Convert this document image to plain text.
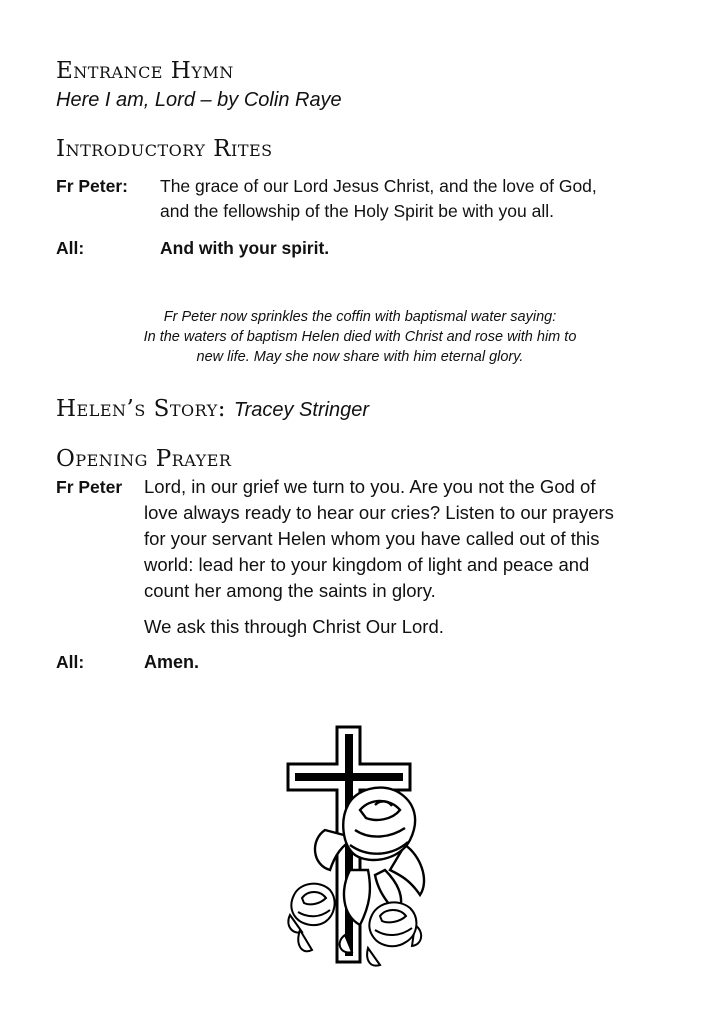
Entrance Hymn
Here I am, Lord – by Colin Raye
Introductory Rites
Fr Peter:	The grace of our Lord Jesus Christ, and the love of God,
and the fellowship of the Holy Spirit be with you all.
All:	And with your spirit.
Fr Peter now sprinkles the coffin with baptismal water saying:
In the waters of baptism Helen died with Christ and rose with him to
new life. May she now share with him eternal glory.
Helen’s Story: Tracey Stringer
Opening Prayer
Fr Peter	Lord, in our grief we turn to you. Are you not the God of
love always ready to hear our cries? Listen to our prayers
for your servant Helen whom you have called out of this
world: lead her to your kingdom of light and peace and
count her among the saints in glory.
We ask this through Christ Our Lord.
All:	Amen.
